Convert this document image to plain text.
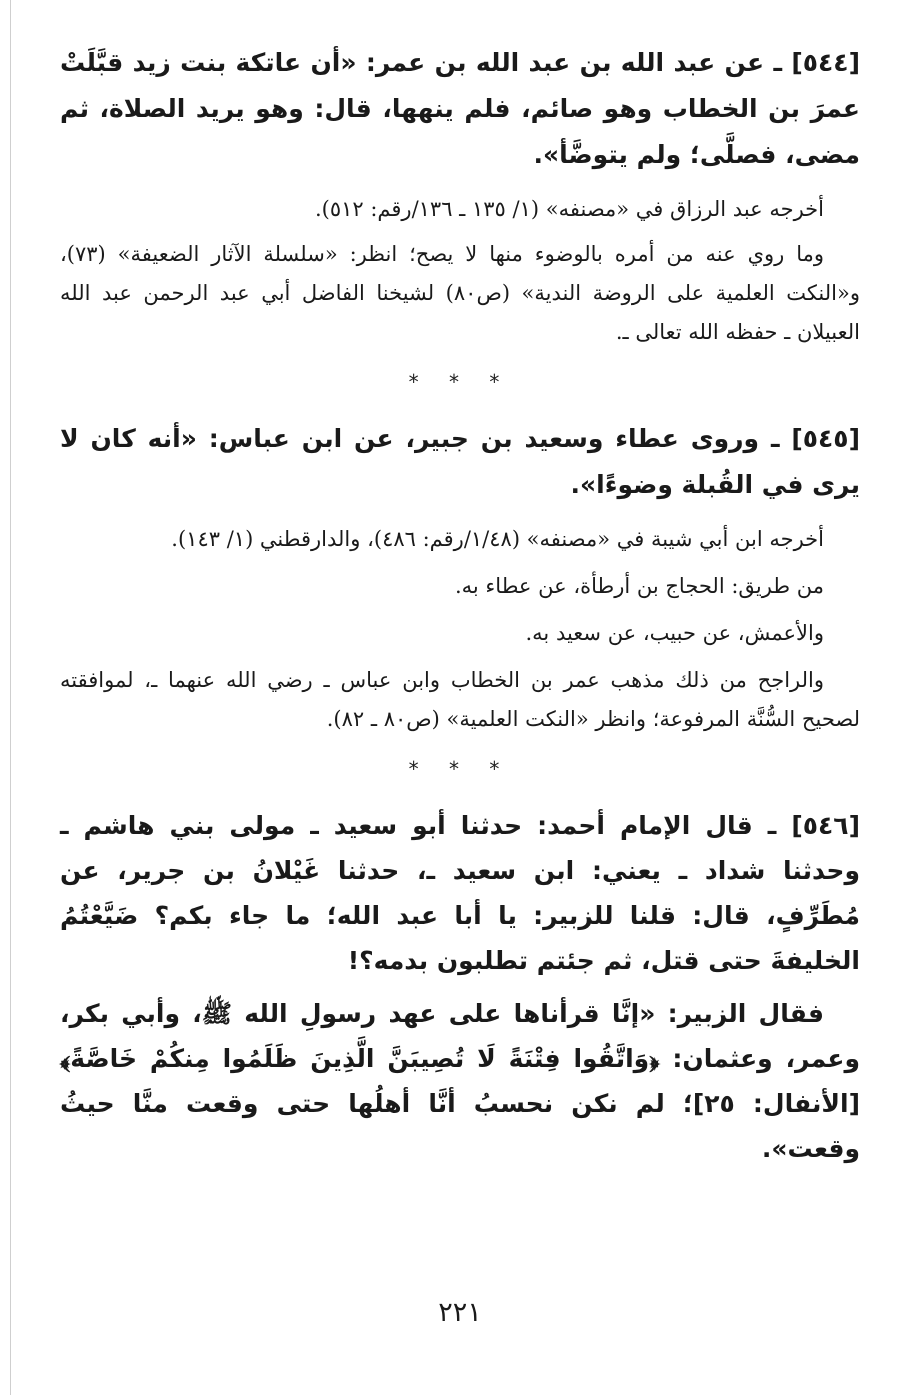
[٥٤٤] ـ عن عبد الله بن عبد الله بن عمر: «أن عاتكة بنت زيد قبَّلَتْ عمرَ بن الخطاب وهو صائم، فلم ينهها، قال: وهو يريد الصلاة، ثم مضى، فصلَّى؛ ولم يتوضَّأ».

أخرجه عبد الرزاق في «مصنفه» (١/ ١٣٥ ـ ١٣٦/رقم: ٥١٢).

وما روي عنه من أمره بالوضوء منها لا يصح؛ انظر: «سلسلة الآثار الضعيفة» (٧٣)، و«النكت العلمية على الروضة الندية» (ص٨٠) لشيخنا الفاضل أبي عبد الرحمن عبد الله العبيلان ـ حفظه الله تعالى ـ.

* * *

[٥٤٥] ـ وروى عطاء وسعيد بن جبير، عن ابن عباس: «أنه كان لا يرى في القُبلة وضوءًا».

أخرجه ابن أبي شيبة في «مصنفه» (١/٤٨/رقم: ٤٨٦)، والدارقطني (١/ ١٤٣).

من طريق: الحجاج بن أرطأة، عن عطاء به.

والأعمش، عن حبيب، عن سعيد به.

والراجح من ذلك مذهب عمر بن الخطاب وابن عباس ـ رضي الله عنهما ـ، لموافقته لصحيح السُّنَّة المرفوعة؛ وانظر «النكت العلمية» (ص٨٠ ـ ٨٢).

* * *

[٥٤٦] ـ قال الإمام أحمد: حدثنا أبو سعيد ـ مولى بني هاشم ـ وحدثنا شداد ـ يعني: ابن سعيد ـ، حدثنا غَيْلانُ بن جرير، عن مُطَرِّفٍ، قال: قلنا للزبير: يا أبا عبد الله؛ ما جاء بكم؟ ضَيَّعْتُمُ الخليفةَ حتى قتل، ثم جئتم تطلبون بدمه؟!

فقال الزبير: «إنَّا قرأناها على عهد رسولِ الله ﷺ، وأبي بكر، وعمر، وعثمان: ﴿وَاتَّقُوا فِتْنَةً لَا تُصِيبَنَّ الَّذِينَ ظَلَمُوا مِنكُمْ خَاصَّةً﴾ [الأنفال: ٢٥]؛ لم نكن نحسبُ أنَّا أهلُها حتى وقعت منَّا حيثُ وقعت».

٢٢١
